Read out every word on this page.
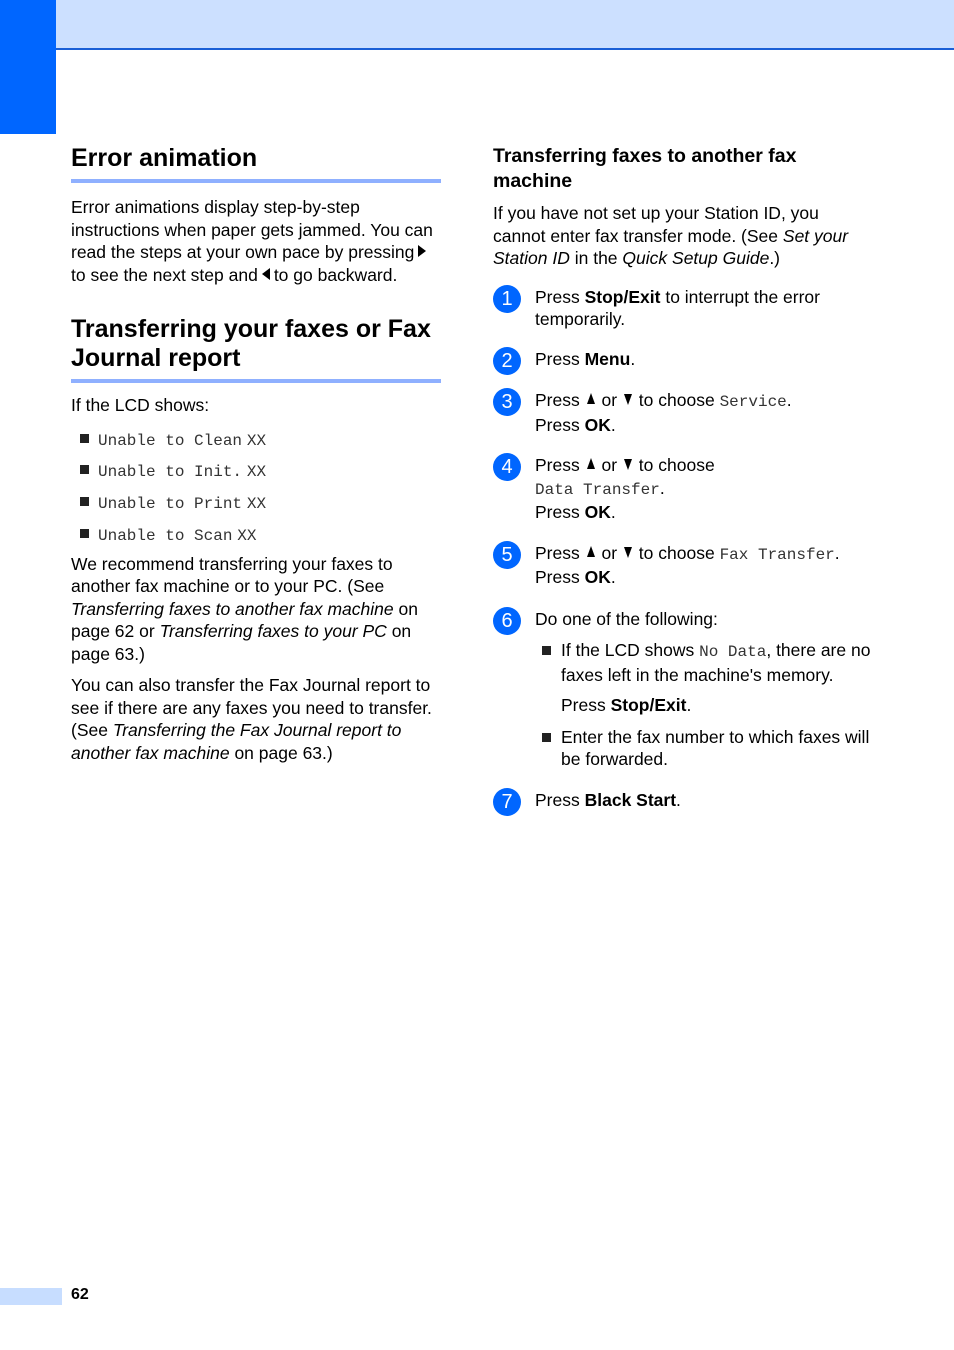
Error animation

Error animations display step-by-step instructions when paper gets jammed. You can read the steps at your own pace by pressingto see the next step and to go backward.

Transferring your faxes or Fax Journal report

If the LCD shows:

Unable to Clean XX
Unable to Init. XX
Unable to Print XX
Unable to Scan XX

We recommend transferring your faxes to another fax machine or to your PC. (See Transferring faxes to another fax machine on page 62 or Transferring faxes to your PC on page 63.)

You can also transfer the Fax Journal report to see if there are any faxes you need to transfer. (See Transferring the Fax Journal report to another fax machine on page 63.)

Transferring faxes to another fax machine

If you have not set up your Station ID, you cannot enter fax transfer mode. (See Set your Station ID in the Quick Setup Guide.)

1	Press Stop/Exit to interrupt the error temporarily.

2	Press Menu.

3	Press or to choose Service.

Press OK.

4	Press or to choose

Data Transfer.

Press OK.

5	Press or to choose Fax Transfer.

Press OK.

6	Do one of the following:

If the LCD shows No Data, there are no faxes left in the machine's memory.

Press Stop/Exit.

Enter the fax number to which faxes will be forwarded.

7	Press Black Start.

62
